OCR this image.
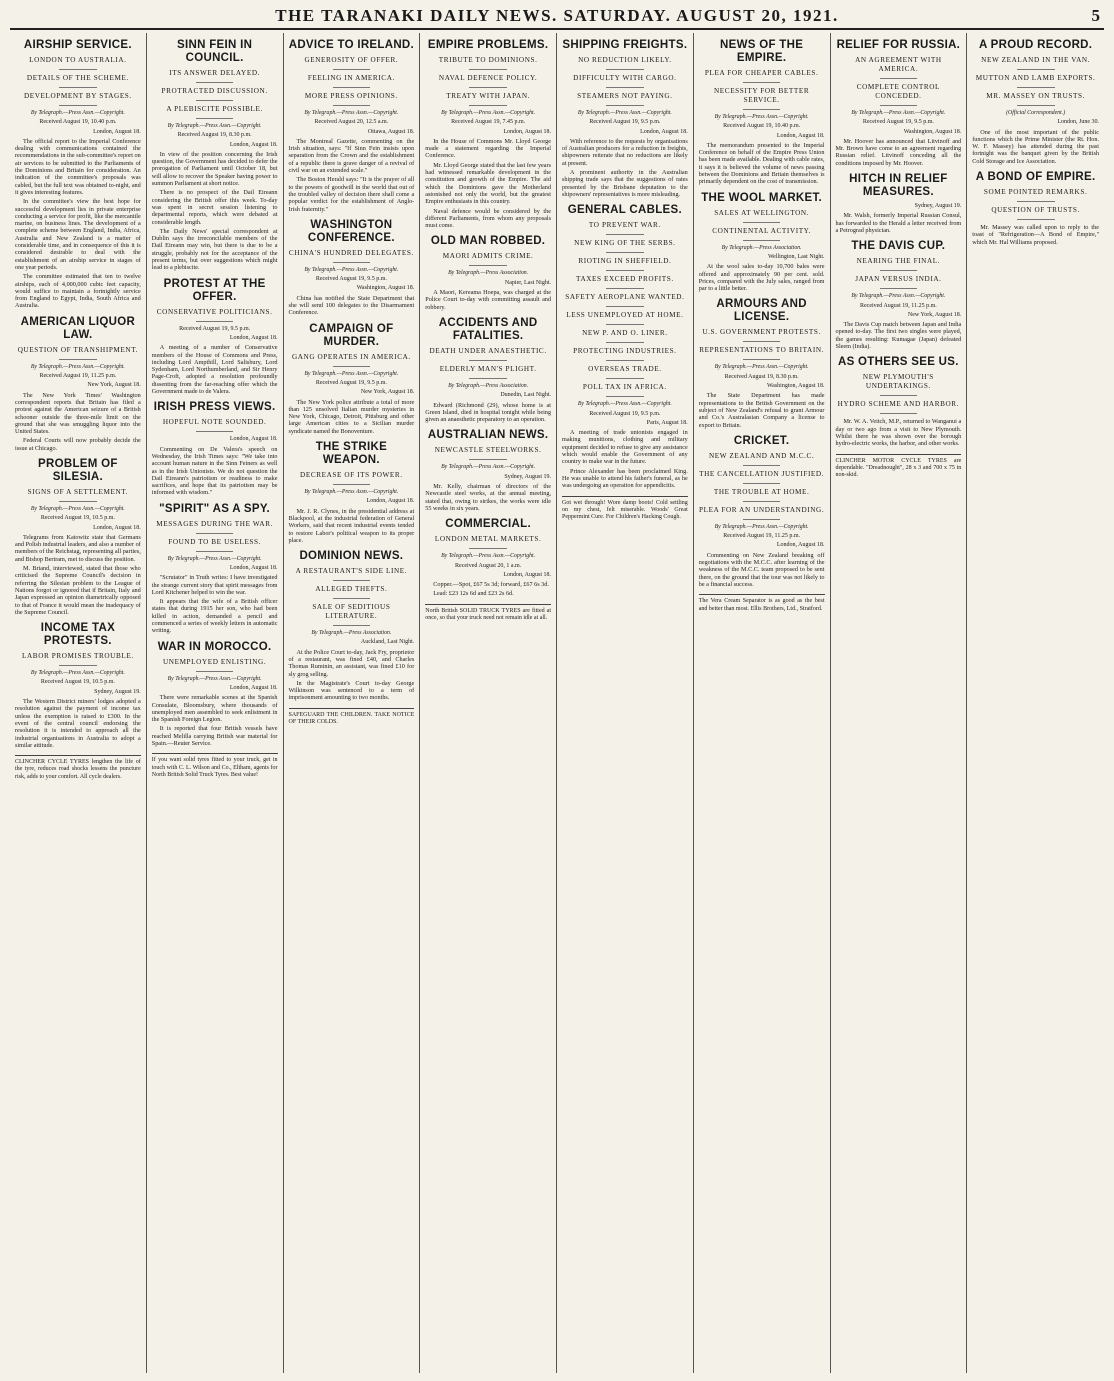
THE TARANAKI DAILY NEWS. SATURDAY. AUGUST 20, 1921.	5
AIRSHIP SERVICE.
LONDON TO AUSTRALIA.
DETAILS OF THE SCHEME.
DEVELOPMENT BY STAGES.
By Telegraph.—Press Assn.—Copyright.
Received August 19, 10.40 p.m.
London, August 18.

The official report to the Imperial Conference dealing with communications contained the recommendations in the sub-committee's report on air services to be submitted to the Parliaments of the Dominions and Britain for consideration. An indication of the committee's proposals was cabled, but the full text was obtained to-night, and it gives interesting features.

In the committee's view the best hope for successful development lies in private enterprise conducting a service for profit, like the mercantile marine, on business lines. The development of a complete scheme between England, India, Africa, Australia and New Zealand is a matter of considerable time, and in consequence of this it is considered desirable to deal with the establishment of an airship service in stages of one year periods.

The committee estimated that ten to twelve airships, each of 4,000,000 cubic feet capacity, would suffice to maintain a fortnightly service from England to Egypt, India, South Africa and Australia.

AMERICAN LIQUOR LAW.
QUESTION OF TRANSHIPMENT.
By Telegraph.—Press Assn.—Copyright.
Received August 19, 11.25 p.m.
New York, August 18.

The New York Times' Washington correspondent reports that Britain has filed a protest against the American seizure of a British schooner outside the three-mile limit on the ground that she was smuggling liquor into the United States.

Federal Courts will now probably decide the issue at Chicago.

PROBLEM OF SILESIA.
SIGNS OF A SETTLEMENT.
By Telegraph.—Press Assn.—Copyright.
Received August 19, 10.5 p.m.
London, August 18.

Telegrams from Katowitz state that Germans and Polish industrial leaders, and also a number of members of the Reichstag, representing all parties, and Bishop Bertram, met to discuss the position.

M. Briand, interviewed, stated that those who criticised the Supreme Council's decision in referring the Silesian problem to the League of Nations forgot or ignored that if Britain, Italy and Japan expressed an opinion diametrically opposed to that of France it would mean the inadequacy of the Supreme Council.

INCOME TAX PROTESTS.
LABOR PROMISES TROUBLE.
By Telegraph.—Press Assn.—Copyright.
Received August 19, 10.5 p.m.
Sydney, August 19.

The Western District miners' lodges adopted a resolution against the payment of income tax unless the exemption is raised to £300. In the event of the central council endorsing the resolution it is intended to approach all the industrial organisations in Australia to adopt a similar attitude.

CLINCHER CYCLE TYRES lengthen the life of the tyre, reduces road shocks lessens the puncture risk, adds to your comfort. All cycle dealers.
SINN FEIN IN COUNCIL.
ITS ANSWER DELAYED.
PROTRACTED DISCUSSION.
A PLEBISCITE POSSIBLE.
By Telegraph.—Press Assn.—Copyright.
Received August 19, 8.30 p.m.
London, August 18.

In view of the position concerning the Irish question, the Government has decided to defer the prorogation of Parliament until October 18, but will allow to recover the Speaker having power to summon Parliament at short notice.

There is no prospect of the Dail Eireann considering the British offer this week. To-day was spent in secret session listening to departmental reports, which were debated at considerable length.

The Daily News' special correspondent at Dublin says the irreconcilable members of the Dail Eireann may win, but there is due to be a struggle, probably not for the acceptance of the present terms, but over suggestions which might lead to a plebiscite.

PROTEST AT THE OFFER.
CONSERVATIVE POLITICIANS.
Received August 19, 9.5 p.m.
London, August 18.

A meeting of a number of Conservative members of the House of Commons and Press, including Lord Ampthill, Lord Salisbury, Lord Sydenham, Lord Northumberland, and Sir Henry Page-Croft, adopted a resolution profoundly dissenting from the far-reaching offer which the Government made to de Valera.

IRISH PRESS VIEWS.
HOPEFUL NOTE SOUNDED.
London, August 18.

Commenting on De Valera's speech on Wednesday, the Irish Times says: "We take into account human nature in the Sinn Feiners as well as in the Irish Unionists. We do not question the Dail Eireann's patriotism or readiness to make sacrifices, and hope that its patriotism may be informed with wisdom."

"SPIRIT" AS A SPY.
MESSAGES DURING THE WAR.
FOUND TO BE USELESS.
By Telegraph.—Press Assn.—Copyright.
London, August 18.

"Scrutator" in Truth writes: I have investigated the strange current story that spirit messages from Lord Kitchener helped to win the war.

It appears that the wife of a British officer states that during 1915 her son, who had been killed in action, demanded a pencil and commenced a series of weekly letters in automatic writing.

WAR IN MOROCCO.
UNEMPLOYED ENLISTING.
By Telegraph.—Press Assn.—Copyright.
London, August 18.

There were remarkable scenes at the Spanish Consulate, Bloomsbury, where thousands of unemployed men assembled to seek enlistment in the Spanish Foreign Legion.

It is reported that four British vessels have reached Melilla carrying British war material for Spain.—Reuter Service.

If you want solid tyres fitted to your truck, get in touch with C. L. Wilson and Co., Eltham, agents for North British Solid Truck Tyres. Best value!
ADVICE TO IRELAND.
GENEROSITY OF OFFER.
FEELING IN AMERICA.
MORE PRESS OPINIONS.
By Telegraph.—Press Assn.—Copyright.
Received August 20, 12.5 a.m.
Ottawa, August 18.

The Montreal Gazette, commenting on the Irish situation, says: "If Sinn Fein insists upon separation from the Crown and the establishment of a republic there is grave danger of a revival of civil war on an extended scale."

The Boston Herald says: "It is the prayer of all to the powers of goodwill in the world that out of the troubled valley of decision there shall come a popular verdict for the establishment of Anglo-Irish fraternity."

WASHINGTON CONFERENCE.
CHINA'S HUNDRED DELEGATES.
By Telegraph.—Press Assn.—Copyright.
Received August 19, 9.5 p.m.
Washington, August 18.

China has notified the State Department that she will send 100 delegates to the Disarmament Conference.

CAMPAIGN OF MURDER.
GANG OPERATES IN AMERICA.
By Telegraph.—Press Assn.—Copyright.
Received August 19, 9.5 p.m.
New York, August 18.

The New York police attribute a total of more than 125 unsolved Italian murder mysteries in New York, Chicago, Detroit, Pittsburg and other large American cities to a Sicilian murder syndicate named the Bonoventure.

THE STRIKE WEAPON.
DECREASE OF ITS POWER.
By Telegraph.—Press Assn.—Copyright.
London, August 18.

Mr. J. R. Clynes, in the presidential address at Blackpool, at the industrial federation of General Workers, said that recent industrial events tended to restore Labor's political weapon to its proper place.

DOMINION NEWS.
A RESTAURANT'S SIDE LINE.
ALLEGED THEFTS.
SALE OF SEDITIOUS LITERATURE.
By Telegraph.—Press Association.
Auckland, Last Night.

At the Police Court to-day, Jack Fry, proprietor of a restaurant, was fined £40, and Charles Thomas Ruminin, an assistant, was fined £10 for sly grog selling.

In the Magistrate's Court to-day George Wilkinson was sentenced to a term of imprisonment amounting to two months.

SAFEGUARD THE CHILDREN. TAKE NOTICE OF THEIR COLDS.
EMPIRE PROBLEMS.
TRIBUTE TO DOMINIONS.
NAVAL DEFENCE POLICY.
TREATY WITH JAPAN.
By Telegraph.—Press Assn.—Copyright.
Received August 19, 7.45 p.m.
London, August 18.

In the House of Commons Mr. Lloyd George made a statement regarding the Imperial Conference.

Mr. Lloyd George stated that the last few years had witnessed remarkable development in the constitution and growth of the Empire. The aid which the Dominions gave the Motherland astonished not only the world, but the greatest Empire enthusiasts in this country.

Naval defence would be considered by the different Parliaments, from whom any proposals must come.

OLD MAN ROBBED.
MAORI ADMITS CRIME.
By Telegraph.—Press Association.
Napier, Last Night.

A Maori, Kereama Hoepa, was charged at the Police Court to-day with committing assault and robbery.

ACCIDENTS AND FATALITIES.
DEATH UNDER ANAESTHETIC.
ELDERLY MAN'S PLIGHT.
By Telegraph.—Press Association.
Dunedin, Last Night.

Edward (Richmond (29), whose home is at Green Island, died in hospital tonight while being given an anaesthetic preparatory to an operation.

AUSTRALIAN NEWS.
NEWCASTLE STEELWORKS.
By Telegraph.—Press Assn.—Copyright.
Sydney, August 19.

Mr. Kelly, chairman of directors of the Newcastle steel works, at the annual meeting, stated that, owing to strikes, the works were idle 55 weeks in six years.

COMMERCIAL.
LONDON METAL MARKETS.
By Telegraph.—Press Assn.—Copyright.
Received August 20, 1 a.m.
London, August 18.

Copper.—Spot, £67 5s 3d; forward, £67 6s 3d.

Lead: £23 12s 6d and £23 2s 6d.

North British SOLID TRUCK TYRES are fitted at once, so that your truck need not remain idle at all.
SHIPPING FREIGHTS.
NO REDUCTION LIKELY.
DIFFICULTY WITH CARGO.
STEAMERS NOT PAYING.
By Telegraph.—Press Assn.—Copyright.
Received August 19, 9.5 p.m.
London, August 18.

With reference to the requests by organisations of Australian producers for a reduction in freights, shipowners reiterate that no reductions are likely at present.

A prominent authority in the Australian shipping trade says that the suggestions of rates presented by the Brisbane deputation to the shipowners' representatives is more misleading.

GENERAL CABLES.
TO PREVENT WAR.
NEW KING OF THE SERBS.
RIOTING IN SHEFFIELD.
TAXES EXCEED PROFITS.
SAFETY AEROPLANE WANTED.
LESS UNEMPLOYED AT HOME.
NEW P. AND O. LINER.
PROTECTING INDUSTRIES.
OVERSEAS TRADE.
POLL TAX IN AFRICA.
By Telegraph.—Press Assn.—Copyright.
Received August 19, 9.5 p.m.
Paris, August 18.

A meeting of trade unionists engaged in making munitions, clothing and military equipment decided to refuse to give any assistance which would enable the Government of any country to make war in the future.

Prince Alexander has been proclaimed King. He was unable to attend his father's funeral, as he was undergoing an operation for appendicitis.

Got wet through! Wore damp boots! Cold settling on my chest, felt miserable. Woods' Great Peppermint Cure. For Children's Hacking Cough.
NEWS OF THE EMPIRE.
PLEA FOR CHEAPER CABLES.
NECESSITY FOR BETTER SERVICE.
By Telegraph.—Press Assn.—Copyright.
Received August 19, 10.40 p.m.
London, August 18.

The memorandum presented to the Imperial Conference on behalf of the Empire Press Union has been made available. Dealing with cable rates, it says it is believed the volume of news passing between the Dominions and Britain themselves is primarily dependent on the cost of transmission.

THE WOOL MARKET.
SALES AT WELLINGTON.
CONTINENTAL ACTIVITY.
By Telegraph.—Press Association.
Wellington, Last Night.

At the wool sales to-day 10,700 bales were offered and approximately 90 per cent. sold. Prices, compared with the July sales, ranged from par to a little better.

ARMOURS AND LICENSE.
U.S. GOVERNMENT PROTESTS.
REPRESENTATIONS TO BRITAIN.
By Telegraph.—Press Assn.—Copyright.
Received August 19, 8.30 p.m.
Washington, August 18.

The State Department has made representations to the British Government on the subject of New Zealand's refusal to grant Armour and Co.'s Australasian Company a license to export to Britain.

CRICKET.
NEW ZEALAND AND M.C.C.
THE CANCELLATION JUSTIFIED.
THE TROUBLE AT HOME.
PLEA FOR AN UNDERSTANDING.
By Telegraph.—Press Assn.—Copyright.
Received August 19, 11.25 p.m.
London, August 18.

Commenting on New Zealand breaking off negotiations with the M.C.C. after learning of the weakness of the M.C.C. team proposed to be sent there, on the ground that the tour was not likely to be a financial success.

The Vera Cream Separator is as good as the best and better than most. Ellis Brothers, Ltd., Stratford.
RELIEF FOR RUSSIA.
AN AGREEMENT WITH AMERICA.
COMPLETE CONTROL CONCEDED.
By Telegraph.—Press Assn.—Copyright.
Received August 19, 9.5 p.m.
Washington, August 18.

Mr. Hoover has announced that Litvinoff and Mr. Brown have come to an agreement regarding Russian relief. Litvinoff conceding all the conditions imposed by Mr. Hoover.

HITCH IN RELIEF MEASURES.
Sydney, August 19.

Mr. Walsh, formerly Imperial Russian Consul, has forwarded to the Herald a letter received from a Petrograd physician.

THE DAVIS CUP.
NEARING THE FINAL.
JAPAN VERSUS INDIA.
By Telegraph.—Press Assn.—Copyright.
Received August 19, 11.25 p.m.
New York, August 18.

The Davis Cup match between Japan and India opened to-day. The first two singles were played, the games resulting: Kumagae (Japan) defeated Sleem (India).

AS OTHERS SEE US.
NEW PLYMOUTH'S UNDERTAKINGS.
HYDRO SCHEME AND HARBOR.

Mr. W. A. Veitch, M.P., returned to Wanganui a day or two ago from a visit to New Plymouth. Whilst there he was shown over the borough hydro-electric works, the harbor, and other works.

CLINCHER MOTOR CYCLE TYRES are dependable. "Dreadnought", 28 x 3 and 700 x 75 in non-skid.
A PROUD RECORD.
NEW ZEALAND IN THE VAN.
MUTTON AND LAMB EXPORTS.
MR. MASSEY ON TRUSTS.
(Official Correspondent.)
London, June 30.

One of the most important of the public functions which the Prime Minister (the Rt. Hon. W. F. Massey) has attended during the past fortnight was the banquet given by the British Cold Storage and Ice Association.

A BOND OF EMPIRE.
SOME POINTED REMARKS.
QUESTION OF TRUSTS.

Mr. Massey was called upon to reply to the toast of "Refrigeration—A Bond of Empire," which Mr. Hal Williams proposed.
